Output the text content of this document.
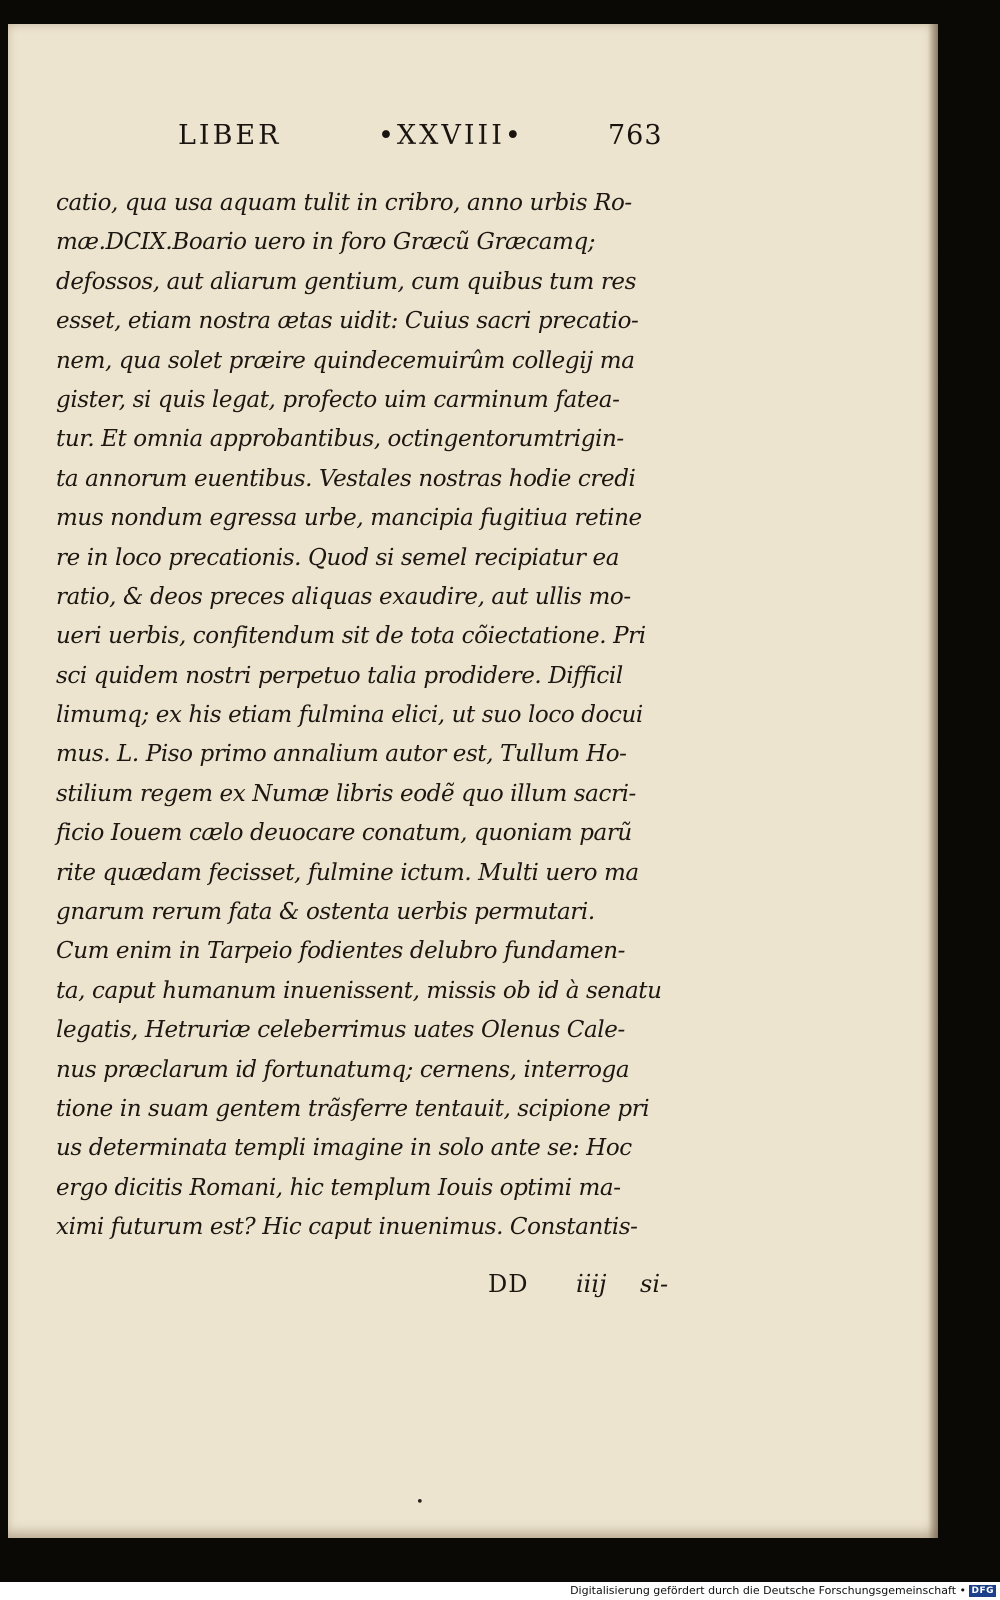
LIBER	•XXVIII•	763
catio, qua usa aquam tulit in cribro, anno urbis Ro-
mæ.DCIX.Boario uero in foro Græcũ Græcamq;
defossos, aut aliarum gentium, cum quibus tum res
esset, etiam nostra ætas uidit: Cuius sacri precatio-
nem, qua solet præire quindecemuirûm collegij ma
gister, si quis legat, profecto uim carminum fatea-
tur. Et omnia approbantibus, octingentorumtrigin-
ta annorum euentibus. Vestales nostras hodie credi
mus nondum egressa urbe, mancipia fugitiua retine
re in loco precationis. Quod si semel recipiatur ea
ratio, & deos preces aliquas exaudire, aut ullis mo-
ueri uerbis, confitendum sit de tota cõiectatione. Pri
sci quidem nostri perpetuo talia prodidere. Difficil
limumq; ex his etiam fulmina elici, ut suo loco docui
mus. L. Piso primo annalium autor est, Tullum Ho-
stilium regem ex Numæ libris eodẽ quo illum sacri-
ficio Iouem cælo deuocare conatum, quoniam parũ
rite quædam fecisset, fulmine ictum. Multi uero ma
gnarum rerum fata & ostenta uerbis permutari.
Cum enim in Tarpeio fodientes delubro fundamen-
ta, caput humanum inuenissent, missis ob id à senatu
legatis, Hetruriæ celeberrimus uates Olenus Cale-
nus præclarum id fortunatumq; cernens, interroga
tione in suam gentem trãsferre tentauit, scipione pri
us determinata templi imagine in solo ante se: Hoc
ergo dicitis Romani, hic templum Iouis optimi ma-
ximi futurum est? Hic caput inuenimus. Constantis-
DD iiij si-
•
Digitalisierung gefördert durch die Deutsche Forschungsgemeinschaft • DFG
